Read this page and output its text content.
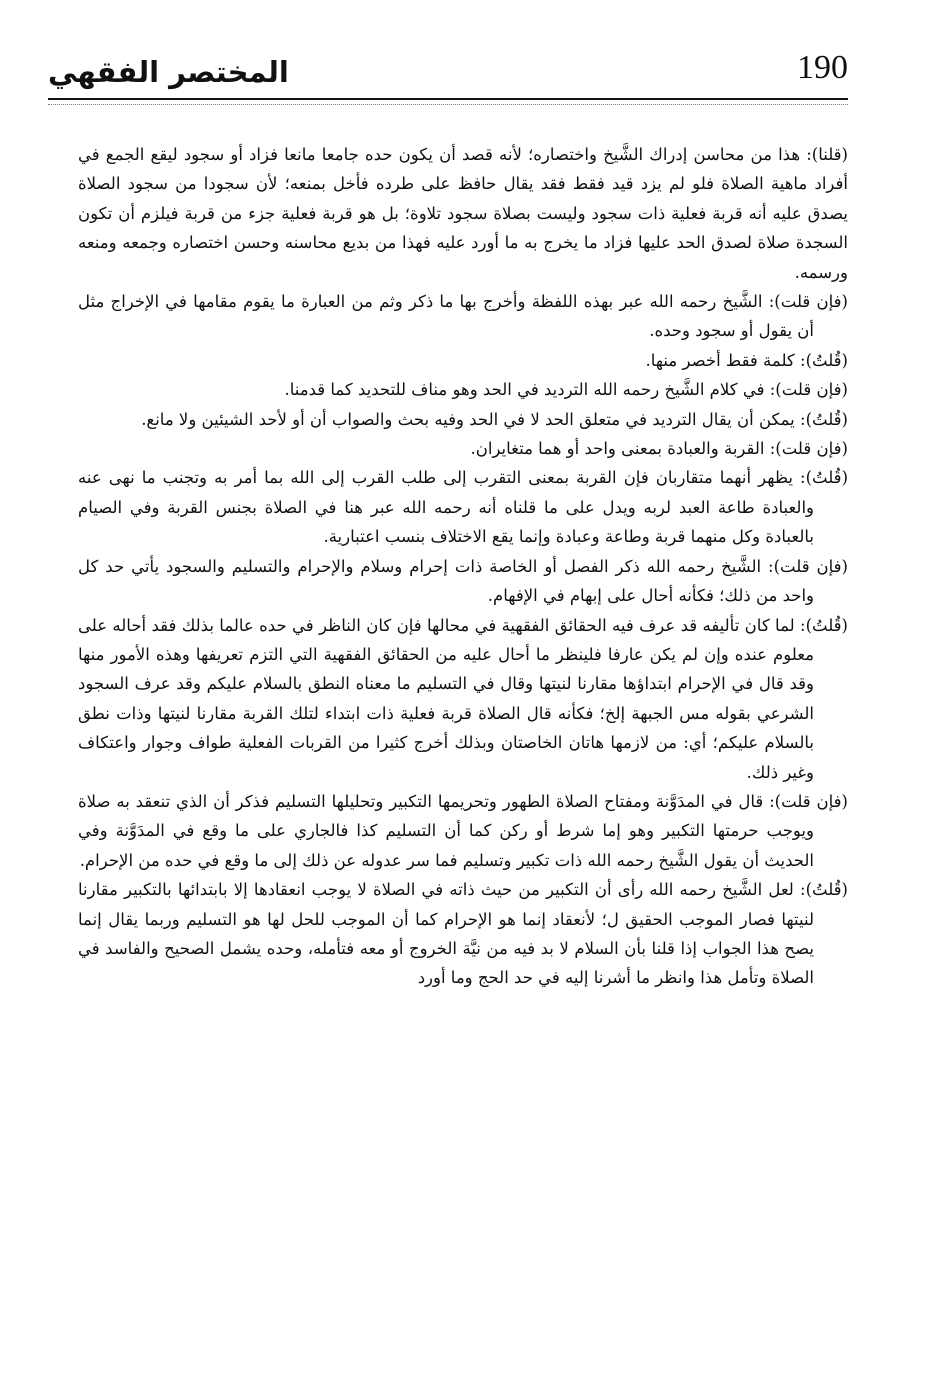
المختصر الفقهي	190

(قلنا): هذا من محاسن إدراك الشَّيخ واختصاره؛ لأنه قصد أن يكون حده جامعا مانعا فزاد أو سجود ليقع الجمع في أفراد ماهية الصلاة فلو لم يزد قيد فقط فقد يقال حافظ على طرده فأخل بمنعه؛ لأن سجودا من سجود الصلاة يصدق عليه أنه قربة فعلية ذات سجود وليست بصلاة سجود تلاوة؛ بل هو قربة فعلية جزء من قربة فيلزم أن تكون السجدة صلاة لصدق الحد عليها فزاد ما يخرج به ما أورد عليه فهذا من بديع محاسنه وحسن اختصاره وجمعه ومنعه ورسمه.

(فإن قلت): الشَّيخ رحمه الله عبر بهذه اللفظة وأخرج بها ما ذكر وثم من العبارة ما يقوم مقامها في الإخراج مثل أن يقول أو سجود وحده.

(قُلتُ): كلمة فقط أخصر منها.

(فإن قلت): في كلام الشَّيخ رحمه الله الترديد في الحد وهو مناف للتحديد كما قدمنا.

(قُلتُ): يمكن أن يقال الترديد في متعلق الحد لا في الحد وفيه بحث والصواب أن أو لأحد الشيئين ولا مانع.

(فإن قلت): القربة والعبادة بمعنى واحد أو هما متغايران.

(قُلتُ): يظهر أنهما متقاربان فإن القربة بمعنى التقرب إلى طلب القرب إلى الله بما أمر به وتجنب ما نهى عنه والعبادة طاعة العبد لربه ويدل على ما قلناه أنه رحمه الله عبر هنا في الصلاة بجنس القربة وفي الصيام بالعبادة وكل منهما قربة وطاعة وعبادة وإنما يقع الاختلاف بنسب اعتبارية.

(فإن قلت): الشَّيخ رحمه الله ذكر الفصل أو الخاصة ذات إحرام وسلام والإحرام والتسليم والسجود يأتي حد كل واحد من ذلك؛ فكأنه أحال على إبهام في الإفهام.

(قُلتُ): لما كان تأليفه قد عرف فيه الحقائق الفقهية في محالها فإن كان الناظر في حده عالما بذلك فقد أحاله على معلوم عنده وإن لم يكن عارفا فلينظر ما أحال عليه من الحقائق الفقهية التي التزم تعريفها وهذه الأمور منها وقد قال في الإحرام ابتداؤها مقارنا لنيتها وقال في التسليم ما معناه النطق بالسلام عليكم وقد عرف السجود الشرعي بقوله مس الجبهة إلخ؛ فكأنه قال الصلاة قربة فعلية ذات ابتداء لتلك القربة مقارنا لنيتها وذات نطق بالسلام عليكم؛ أي: من لازمها هاتان الخاصتان وبذلك أخرج كثيرا من القربات الفعلية طواف وجوار واعتكاف وغير ذلك.

(فإن قلت): قال في المدَوَّنة ومفتاح الصلاة الطهور وتحريمها التكبير وتحليلها التسليم فذكر أن الذي تنعقد به صلاة ويوجب حرمتها التكبير وهو إما شرط أو ركن كما أن التسليم كذا فالجاري على ما وقع في المدَوَّنة وفي الحديث أن يقول الشَّيخ رحمه الله ذات تكبير وتسليم فما سر عدوله عن ذلك إلى ما وقع في حده من الإحرام.

(قُلتُ): لعل الشَّيخ رحمه الله رأى أن التكبير من حيث ذاته في الصلاة لا يوجب انعقادها إلا بابتدائها بالتكبير مقارنا لنيتها فصار الموجب الحقيق ل؛ لأنعقاد إنما هو الإحرام كما أن الموجب للحل لها هو التسليم وربما يقال إنما يصح هذا الجواب إذا قلنا بأن السلام لا بد فيه من نيَّة الخروج أو معه فتأمله، وحده يشمل الصحيح والفاسد في الصلاة وتأمل هذا وانظر ما أشرنا إليه في حد الحج وما أورد
